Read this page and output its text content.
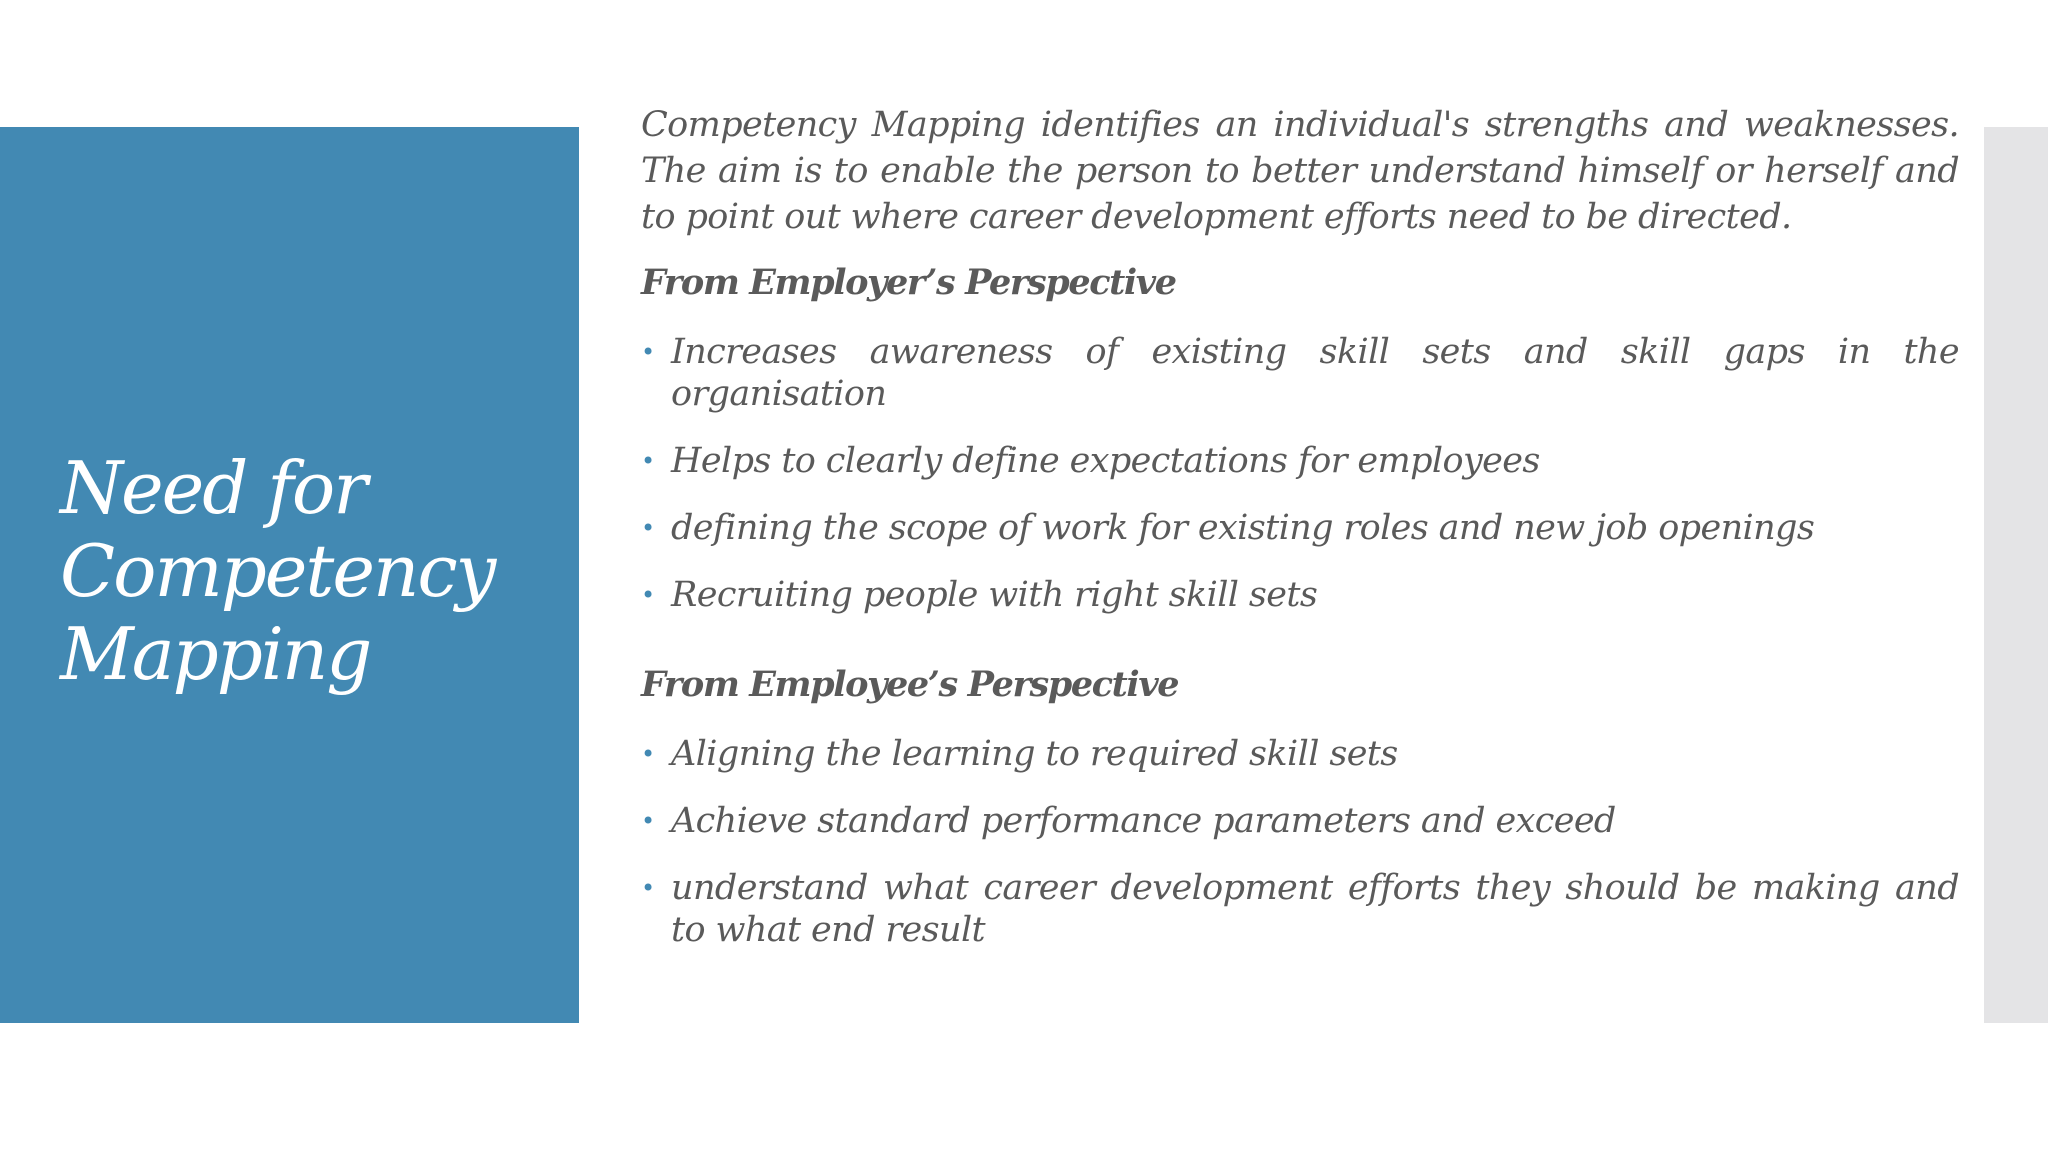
Need for
Competency
Mapping

Competency Mapping identifies an individual's strengths and weaknesses. The aim is to enable the person to better understand himself or herself and to point out where career development efforts need to be directed.

From Employer’s Perspective

• Increases awareness of existing skill sets and skill gaps in the organisation
• Helps to clearly define expectations for employees
• defining the scope of work for existing roles and new job openings
• Recruiting people with right skill sets

From Employee’s Perspective

• Aligning the learning to required skill sets
• Achieve standard performance parameters and exceed
• understand what career development efforts they should be making and to what end result
